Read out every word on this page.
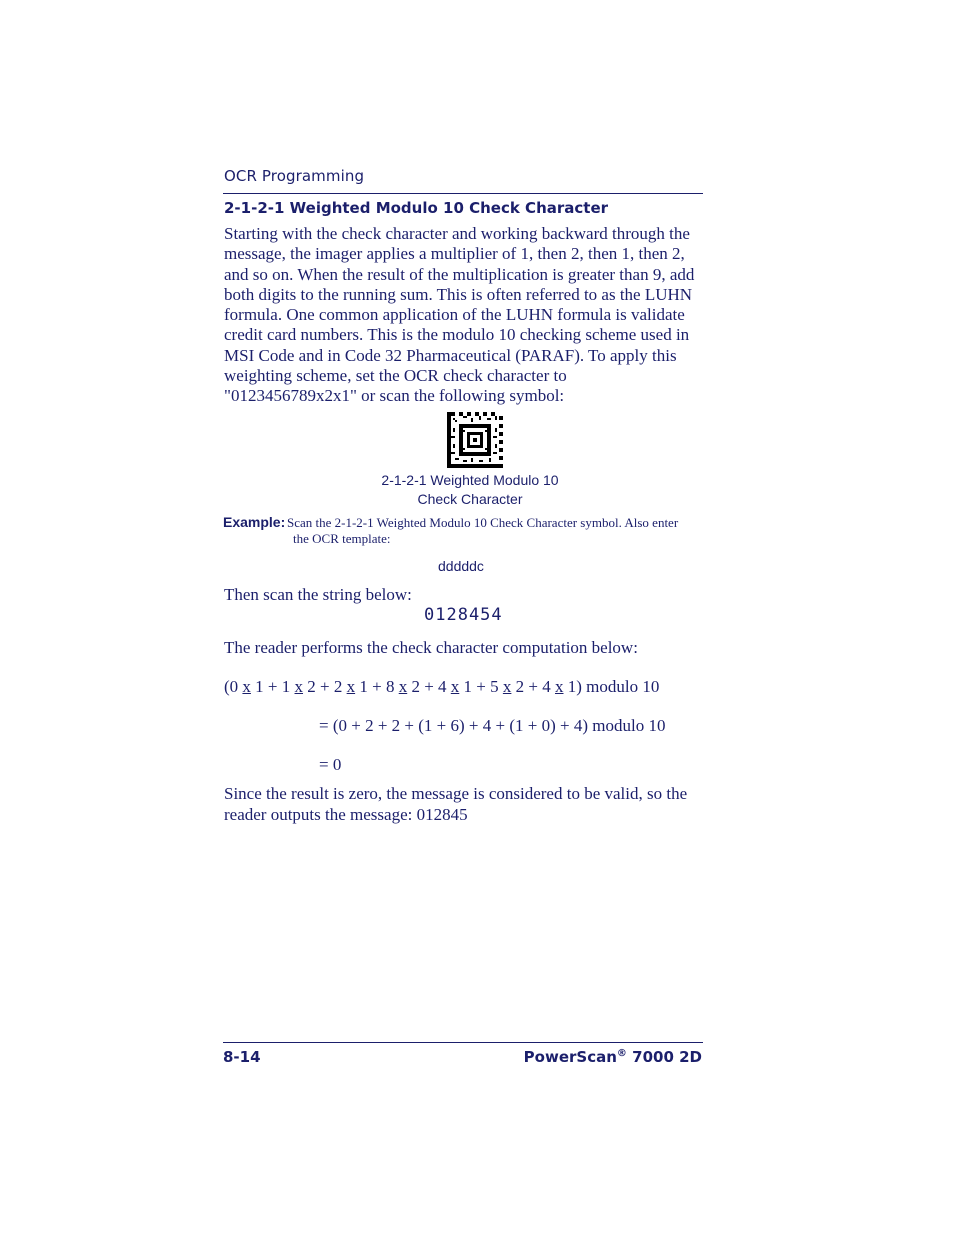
OCR Programming
2-1-2-1 Weighted Modulo 10 Check Character

Starting with the check character and working backward through the message, the imager applies a multiplier of 1, then 2, then 1, then 2, and so on. When the result of the multiplication is greater than 9, add both digits to the running sum. This is often referred to as the LUHN formula. One common application of the LUHN formula is validate credit card numbers. This is the modulo 10 checking scheme used in MSI Code and in Code 32 Pharmaceutical (PARAF). To apply this weighting scheme, set the OCR check character to "0123456789x2x1" or scan the following symbol:

2-1-2-1 Weighted Modulo 10
Check Character
Example: Scan the 2-1-2-1 Weighted Modulo 10 Check Character symbol. Also enter
the OCR template:
dddddc
Then scan the string below:
0128454
The reader performs the check character computation below:
(0 x 1 + 1 x 2 + 2 x 1 + 8 x 2 + 4 x 1 + 5 x 2 + 4 x 1) modulo 10
= (0 + 2 + 2 + (1 + 6) + 4 + (1 + 0) + 4) modulo 10
= 0

Since the result is zero, the message is considered to be valid, so the reader outputs the message: 012845

8-14	PowerScan® 7000 2D
